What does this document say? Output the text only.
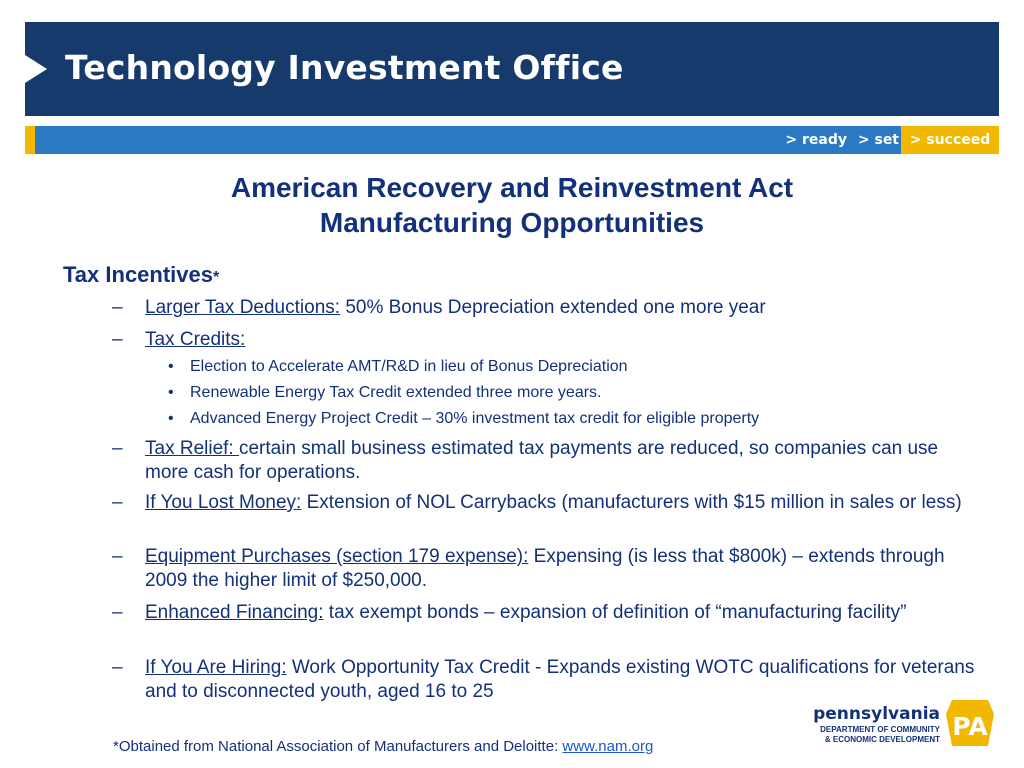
Technology Investment Office
> ready > set > succeed
American Recovery and Reinvestment Act
Manufacturing Opportunities
Tax Incentives*
– Larger Tax Deductions: 50% Bonus Depreciation extended one more year
– Tax Credits:
• Election to Accelerate AMT/R&D in lieu of Bonus Depreciation
• Renewable Energy Tax Credit extended three more years.
• Advanced Energy Project Credit – 30% investment tax credit for eligible property
– Tax Relief: certain small business estimated tax payments are reduced, so companies can use more cash for operations.
– If You Lost Money: Extension of NOL Carrybacks (manufacturers with $15 million in sales or less)
– Equipment Purchases (section 179 expense): Expensing (is less that $800k) – extends through 2009 the higher limit of $250,000.
– Enhanced Financing: tax exempt bonds – expansion of definition of “manufacturing facility”
– If You Are Hiring: Work Opportunity Tax Credit - Expands existing WOTC qualifications for veterans and to disconnected youth, aged 16 to 25
*Obtained from National Association of Manufacturers and Deloitte: www.nam.org
pennsylvania
DEPARTMENT OF COMMUNITY
& ECONOMIC DEVELOPMENT PA
